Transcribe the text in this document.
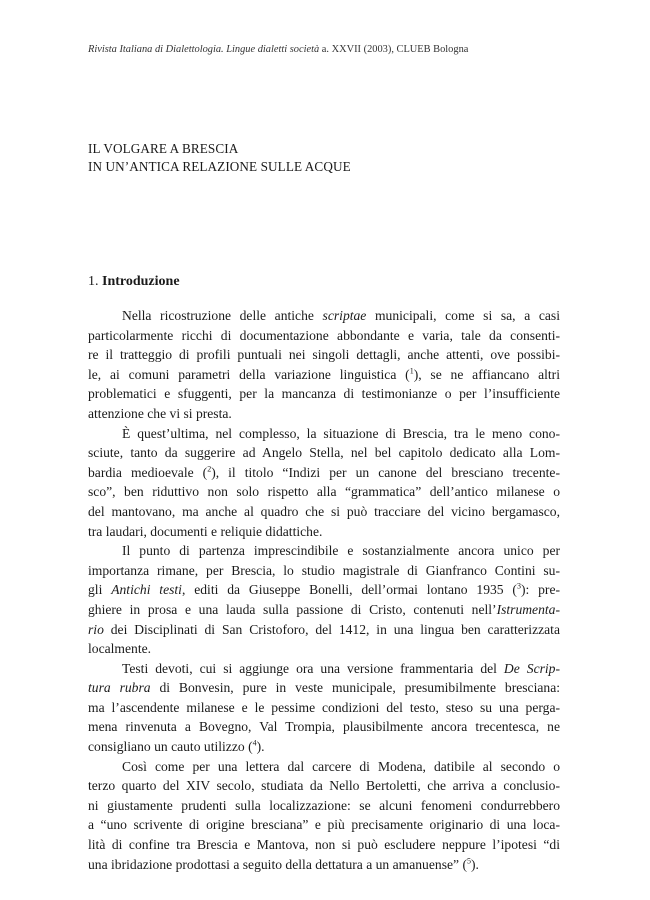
Rivista Italiana di Dialettologia. Lingue dialetti società a. XXVII (2003), CLUEB Bologna
IL VOLGARE A BRESCIA
IN UN’ANTICA RELAZIONE SULLE ACQUE
1. Introduzione
Nella ricostruzione delle antiche scriptae municipali, come si sa, a casi
particolarmente ricchi di documentazione abbondante e varia, tale da consenti-
re il tratteggio di profili puntuali nei singoli dettagli, anche attenti, ove possibi-
le, ai comuni parametri della variazione linguistica ($^1$), se ne affiancano altri
problematici e sfuggenti, per la mancanza di testimonianze o per l’insufficiente
attenzione che vi si presta.
È quest’ultima, nel complesso, la situazione di Brescia, tra le meno cono-
sciute, tanto da suggerire ad Angelo Stella, nel bel capitolo dedicato alla Lom-
bardia medioevale ($^2$), il titolo “Indizi per un canone del bresciano trecente-
sco”, ben riduttivo non solo rispetto alla “grammatica” dell’antico milanese o
del mantovano, ma anche al quadro che si può tracciare del vicino bergamasco,
tra laudari, documenti e reliquie didattiche.
Il punto di partenza imprescindibile e sostanzialmente ancora unico per
importanza rimane, per Brescia, lo studio magistrale di Gianfranco Contini su-
gli Antichi testi, editi da Giuseppe Bonelli, dell’ormai lontano 1935 ($^3$): pre-
ghiere in prosa e una lauda sulla passione di Cristo, contenuti nell’Istrumenta-
rio dei Disciplinati di San Cristoforo, del 1412, in una lingua ben caratterizzata
localmente.
Testi devoti, cui si aggiunge ora una versione frammentaria del De Scrip-
tura rubra di Bonvesin, pure in veste municipale, presumibilmente bresciana:
ma l’ascendente milanese e le pessime condizioni del testo, steso su una perga-
mena rinvenuta a Bovegno, Val Trompia, plausibilmente ancora trecentesca, ne
consigliano un cauto utilizzo ($^4$).
Così come per una lettera dal carcere di Modena, datibile al secondo o
terzo quarto del XIV secolo, studiata da Nello Bertoletti, che arriva a conclusio-
ni giustamente prudenti sulla localizzazione: se alcuni fenomeni condurrebbero
a “uno scrivente di origine bresciana” e più precisamente originario di una loca-
lità di confine tra Brescia e Mantova, non si può escludere neppure l’ipotesi “di
una ibridazione prodottasi a seguito della dettatura a un amanuense” ($^5$).
